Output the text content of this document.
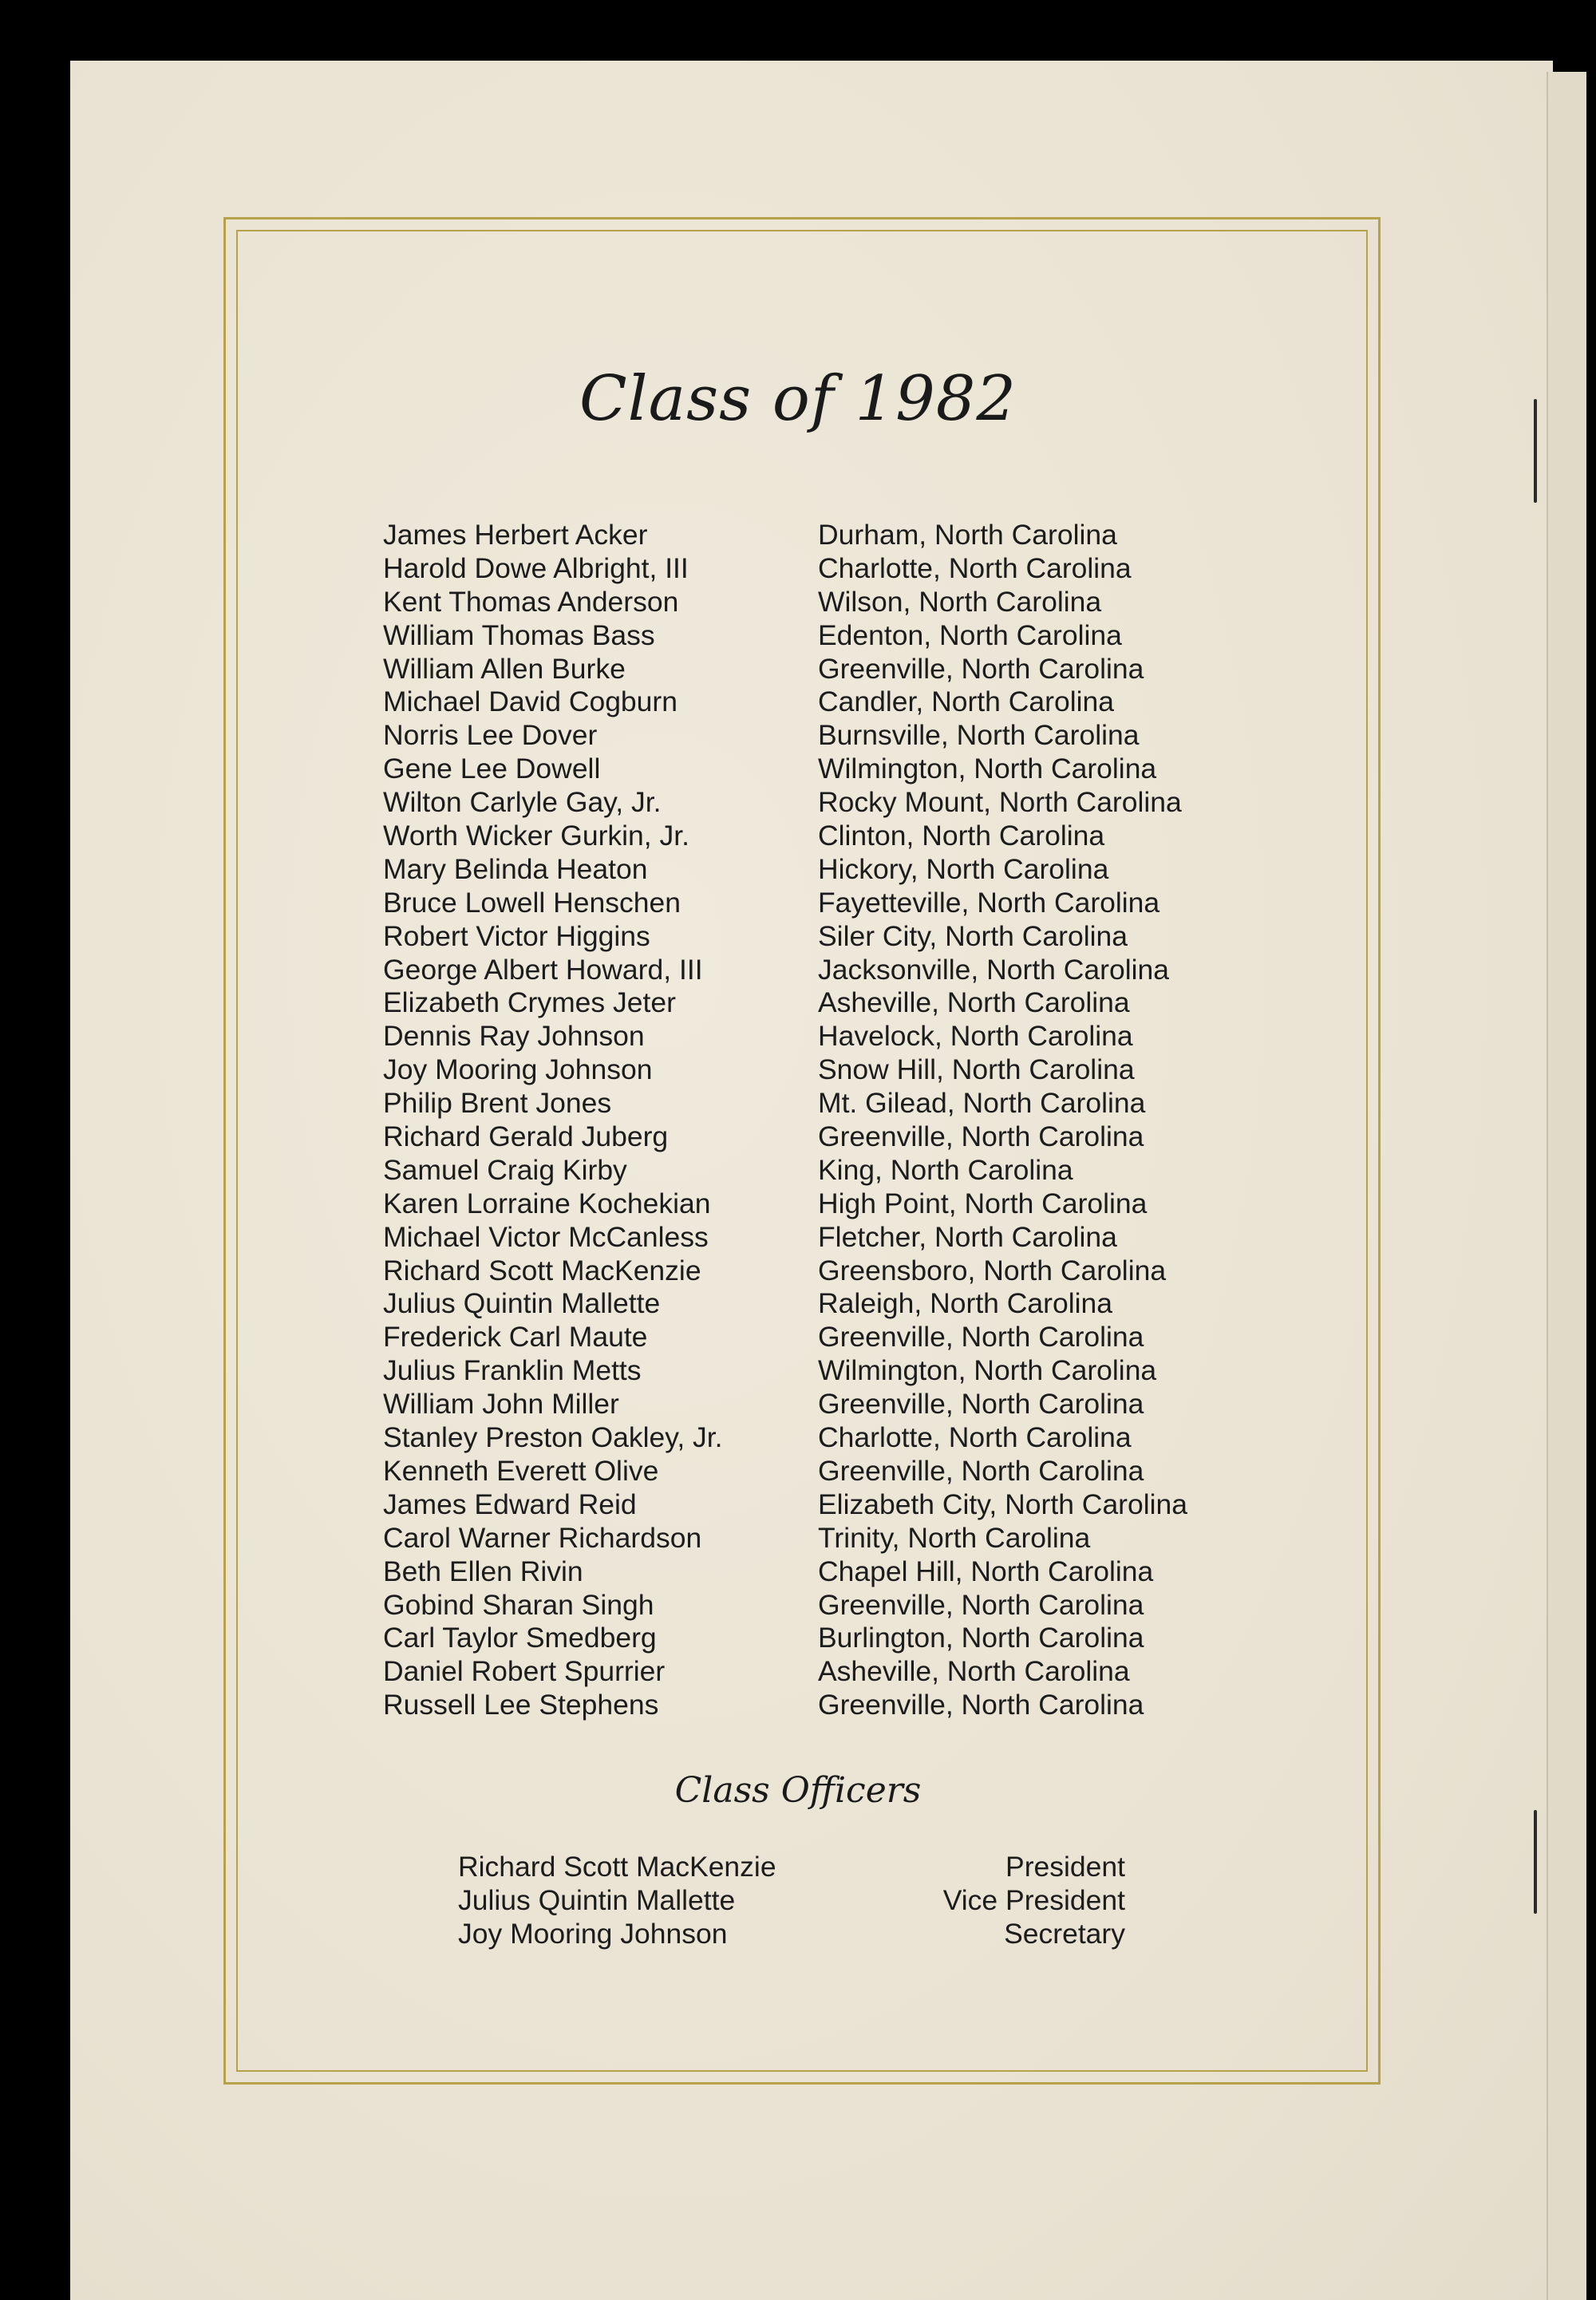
Class of 1982
James Herbert Acker	Durham, North Carolina
Harold Dowe Albright, III	Charlotte, North Carolina
Kent Thomas Anderson	Wilson, North Carolina
William Thomas Bass	Edenton, North Carolina
William Allen Burke	Greenville, North Carolina
Michael David Cogburn	Candler, North Carolina
Norris Lee Dover	Burnsville, North Carolina
Gene Lee Dowell	Wilmington, North Carolina
Wilton Carlyle Gay, Jr.	Rocky Mount, North Carolina
Worth Wicker Gurkin, Jr.	Clinton, North Carolina
Mary Belinda Heaton	Hickory, North Carolina
Bruce Lowell Henschen	Fayetteville, North Carolina
Robert Victor Higgins	Siler City, North Carolina
George Albert Howard, III	Jacksonville, North Carolina
Elizabeth Crymes Jeter	Asheville, North Carolina
Dennis Ray Johnson	Havelock, North Carolina
Joy Mooring Johnson	Snow Hill, North Carolina
Philip Brent Jones	Mt. Gilead, North Carolina
Richard Gerald Juberg	Greenville, North Carolina
Samuel Craig Kirby	King, North Carolina
Karen Lorraine Kochekian	High Point, North Carolina
Michael Victor McCanless	Fletcher, North Carolina
Richard Scott MacKenzie	Greensboro, North Carolina
Julius Quintin Mallette	Raleigh, North Carolina
Frederick Carl Maute	Greenville, North Carolina
Julius Franklin Metts	Wilmington, North Carolina
William John Miller	Greenville, North Carolina
Stanley Preston Oakley, Jr.	Charlotte, North Carolina
Kenneth Everett Olive	Greenville, North Carolina
James Edward Reid	Elizabeth City, North Carolina
Carol Warner Richardson	Trinity, North Carolina
Beth Ellen Rivin	Chapel Hill, North Carolina
Gobind Sharan Singh	Greenville, North Carolina
Carl Taylor Smedberg	Burlington, North Carolina
Daniel Robert Spurrier	Asheville, North Carolina
Russell Lee Stephens	Greenville, North Carolina
Class Officers
Richard Scott MacKenzie	President
Julius Quintin Mallette	Vice President
Joy Mooring Johnson	Secretary
